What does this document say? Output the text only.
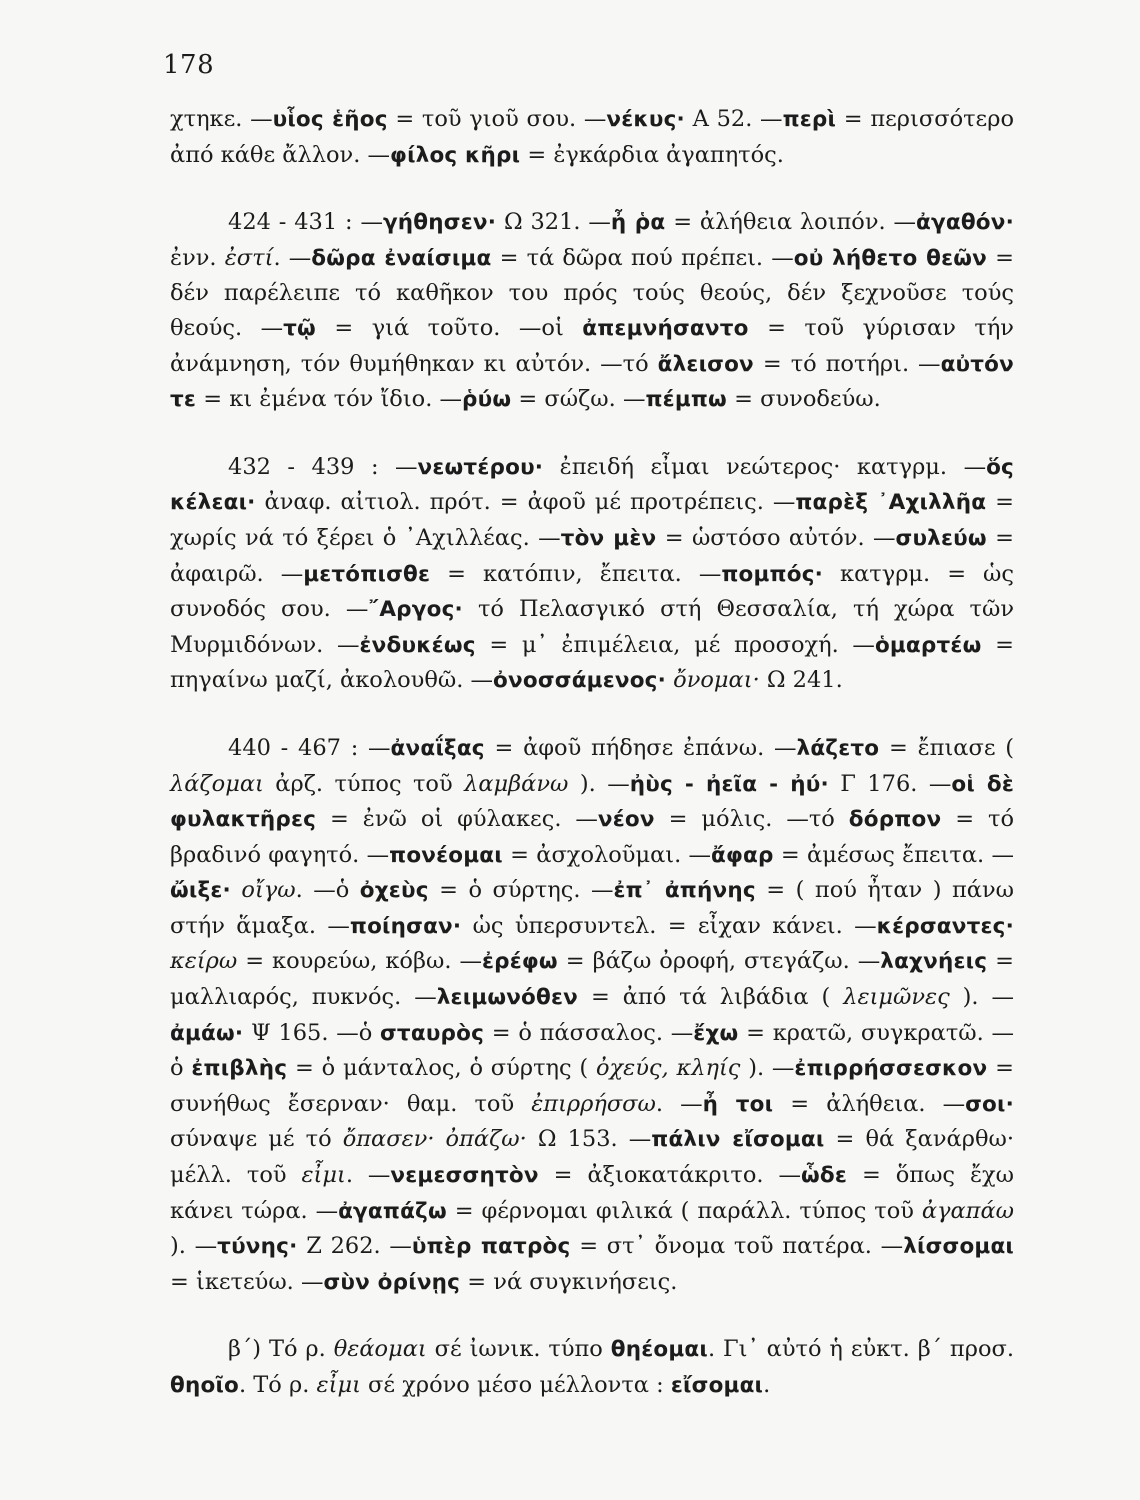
178

χτηκε. —υἷος ἑῆος = τοῦ γιοῦ σου. —νέκυς· Α 52. —περὶ = περισσότερο ἀπό κάθε ἄλλον. —φίλος κῆρι = ἐγκάρδια ἀγαπητός.

424 - 431 : —γήθησεν· Ω 321. —ἦ ῥα = ἀλήθεια λοιπόν. —ἀγαθόν· ἐνν. ἐστί. —δῶρα ἐναίσιμα = τά δῶρα πού πρέπει. —οὐ λήθετο θεῶν = δέν παρέλειπε τό καθῆκον του πρός τούς θεούς, δέν ξεχνοῦσε τούς θεούς. —τῷ = γιά τοῦτο. —οἱ ἀπεμνήσαντο = τοῦ γύρισαν τήν ἀνάμνηση, τόν θυμήθηκαν κι αὐτόν. —τό ἄλεισον = τό ποτήρι. —αὐτόν τε = κι ἐμένα τόν ἴδιο. —ῥύω = σώζω. —πέμπω = συνοδεύω.

432 - 439 : —νεωτέρου· ἐπειδή εἶμαι νεώτερος· κατγρμ. —ὅς κέλεαι· ἀναφ. αἰτιολ. πρότ. = ἀφοῦ μέ προτρέπεις. —παρὲξ ᾿Αχιλλῆα = χωρίς νά τό ξέρει ὁ ᾿Αχιλλέας. —τὸν μὲν = ὡστόσο αὐτόν. —συλεύω = ἀφαιρῶ. —μετόπισθε = κατόπιν, ἔπειτα. —πομπός· κατγρμ. = ὡς συνοδός σου. —῎Αργος· τό Πελασγικό στή Θεσσαλία, τή χώρα τῶν Μυρμιδόνων. —ἐνδυκέως = μ᾿ ἐπιμέλεια, μέ προσοχή. —ὁμαρτέω = πηγαίνω μαζί, ἀκολουθῶ. —ὀνοσσάμενος· ὄνομαι· Ω 241.

440 - 467 : —ἀναΐξας = ἀφοῦ πήδησε ἐπάνω. —λάζετο = ἔπιασε ( λάζομαι ἀρζ. τύπος τοῦ λαμβάνω ). —ἠὺς - ἠεῖα - ἠύ· Γ 176. —οἱ δὲ φυλακτῆρες = ἐνῶ οἱ φύλακες. —νέον = μόλις. —τό δόρπον = τό βραδινό φαγητό. —πονέομαι = ἀσχολοῦμαι. —ἄφαρ = ἀμέσως ἔπειτα. —ὤιξε· οἴγω. —ὁ ὀχεὺς = ὁ σύρτης. —ἐπ᾿ ἀπήνης = ( πού ἦταν ) πάνω στήν ἅμαξα. —ποίησαν· ὡς ὑπερσυντελ. = εἶχαν κάνει. —κέρσαντες· κείρω = κουρεύω, κόβω. —ἐρέφω = βάζω ὀροφή, στεγάζω. —λαχνήεις = μαλλιαρός, πυκνός. —λειμωνόθεν = ἀπό τά λιβάδια ( λειμῶνες ). —ἀμάω· Ψ 165. —ὁ σταυρὸς = ὁ πάσσαλος. —ἔχω = κρατῶ, συγκρατῶ. —ὁ ἐπιβλὴς = ὁ μάνταλος, ὁ σύρτης ( ὀχεύς, κληίς ). —ἐπιρρήσσεσκον = συνήθως ἔσερναν· θαμ. τοῦ ἐπιρρήσσω. —ἦ τοι = ἀλήθεια. —σοι· σύναψε μέ τό ὄπασεν· ὀπάζω· Ω 153. —πάλιν εἴσομαι = θά ξανάρθω· μέλλ. τοῦ εἶμι. —νεμεσσητὸν = ἀξιοκατάκριτο. —ὧδε = ὅπως ἔχω κάνει τώρα. —ἀγαπάζω = φέρνομαι φιλικά ( παράλλ. τύπος τοῦ ἀγαπάω ). —τύνης· Ζ 262. —ὑπὲρ πατρὸς = στ᾿ ὄνομα τοῦ πατέρα. —λίσσομαι = ἱκετεύω. —σὺν ὀρίνῃς = νά συγκινήσεις.

β΄) Τό ρ. θεάομαι σέ ἰωνικ. τύπο θηέομαι. Γι᾿ αὐτό ἡ εὐκτ. β΄ προσ. θηοῖο. Τό ρ. εἶμι σέ χρόνο μέσο μέλλοντα : εἴσομαι.
